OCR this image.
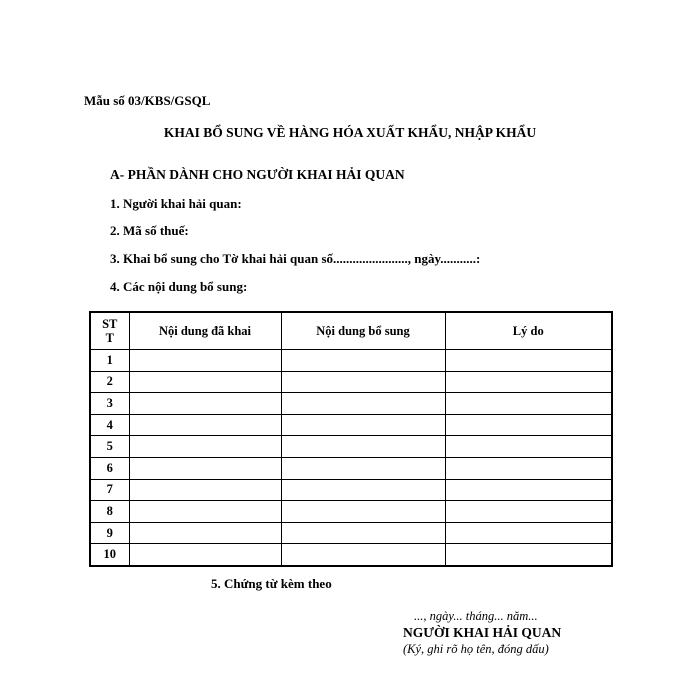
Mẫu số 03/KBS/GSQL
KHAI BỔ SUNG VỀ HÀNG HÓA XUẤT KHẨU, NHẬP KHẨU
A- PHẦN DÀNH CHO NGƯỜI KHAI HẢI QUAN
1. Người khai hải quan:
2. Mã số thuế:
3. Khai bổ sung cho Tờ khai hải quan số......................., ngày...........:
4. Các nội dung bổ sung:
ST
T	Nội dung đã khai	Nội dung bổ sung	Lý do
1			
2			
3			
4			
5			
6			
7			
8			
9			
10			
5. Chứng từ kèm theo
..., ngày... tháng... năm...
NGƯỜI KHAI HẢI QUAN
(Ký, ghi rõ họ tên, đóng dấu)
